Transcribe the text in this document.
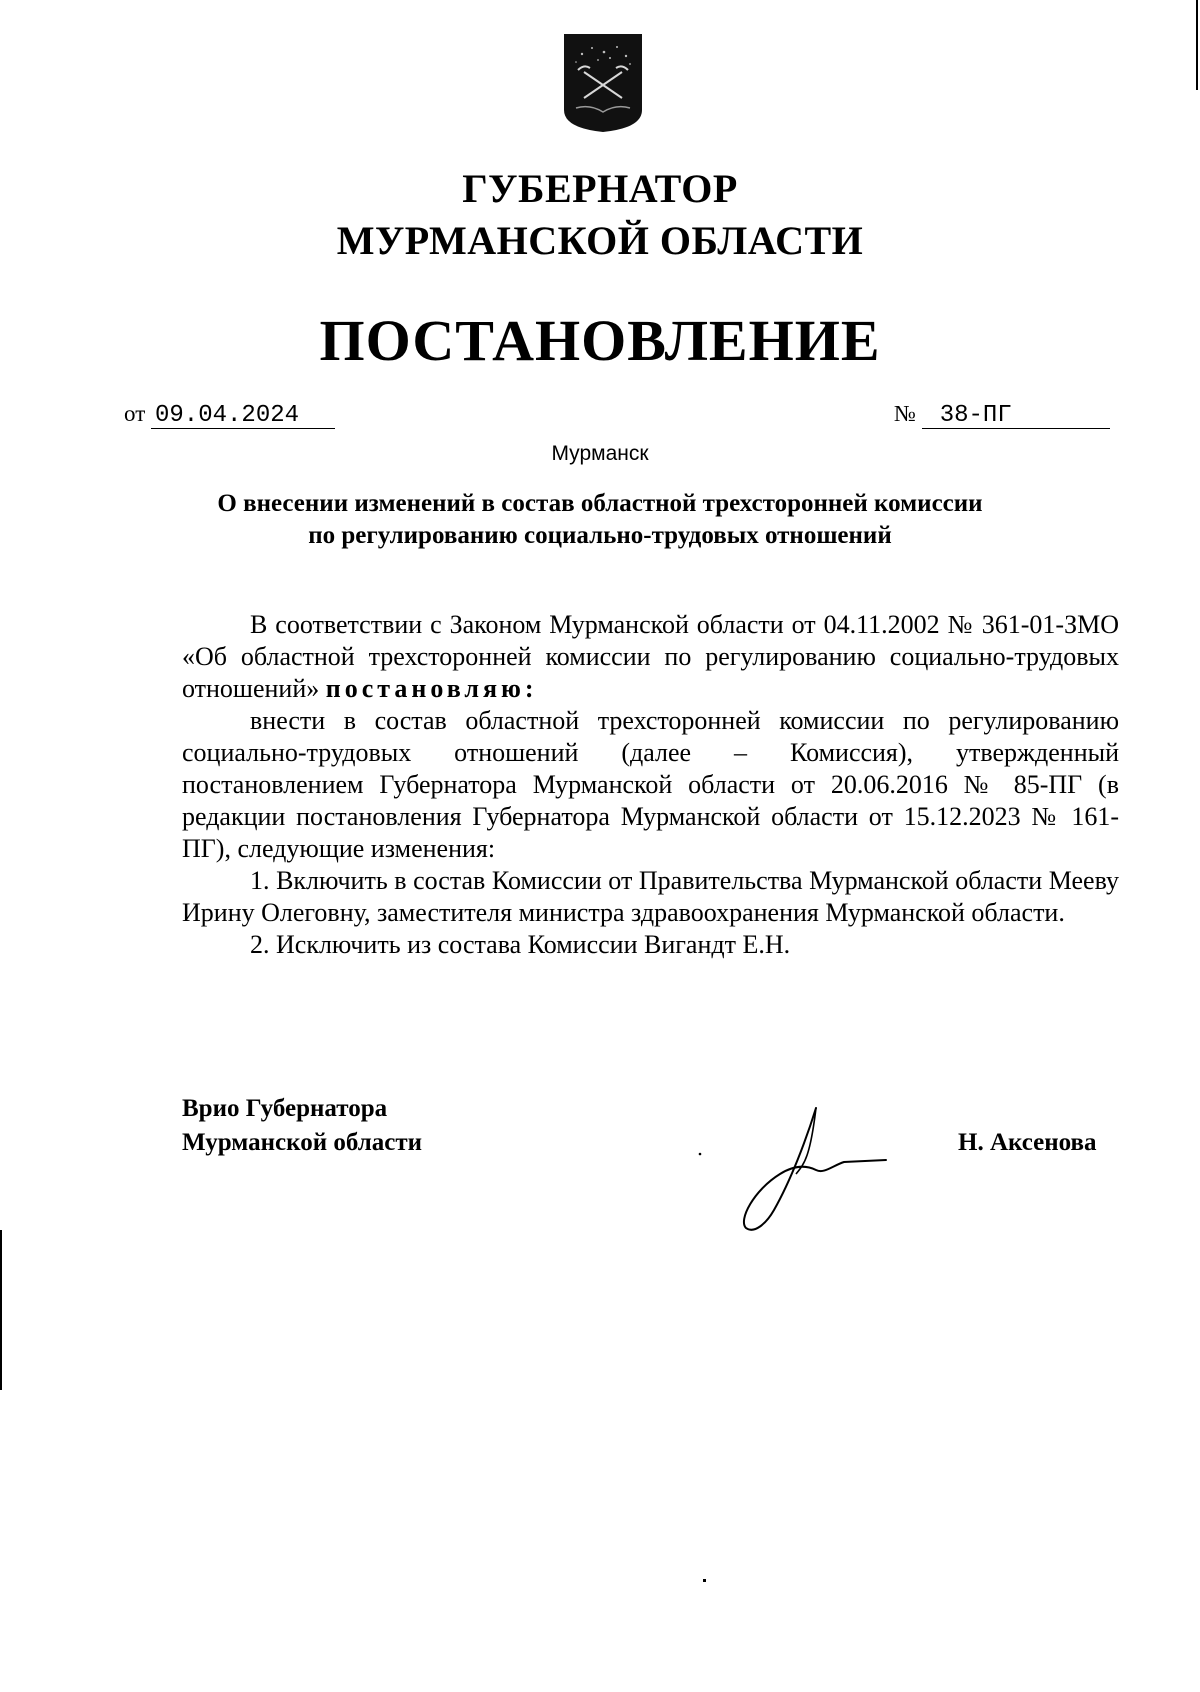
ГУБЕРНАТОР
МУРМАНСКОЙ ОБЛАСТИ
ПОСТАНОВЛЕНИЕ
от 09.04.2024	№ 38-ПГ
Мурманск
О внесении изменений в состав областной трехсторонней комиссии
по регулированию социально-трудовых отношений

В соответствии с Законом Мурманской области от 04.11.2002 № 361-01-ЗМО «Об областной трехсторонней комиссии по регулированию социально-трудовых отношений» постановляю:

внести в состав областной трехсторонней комиссии по регулированию социально-трудовых отношений (далее – Комиссия), утвержденный постановлением Губернатора Мурманской области от 20.06.2016 № 85-ПГ (в редакции постановления Губернатора Мурманской области от 15.12.2023 № 161-ПГ), следующие изменения:

1. Включить в состав Комиссии от Правительства Мурманской области Мееву Ирину Олеговну, заместителя министра здравоохранения Мурманской области.

2. Исключить из состава Комиссии Вигандт Е.Н.

Врио Губернатора
Мурманской области	Н. Аксенова
